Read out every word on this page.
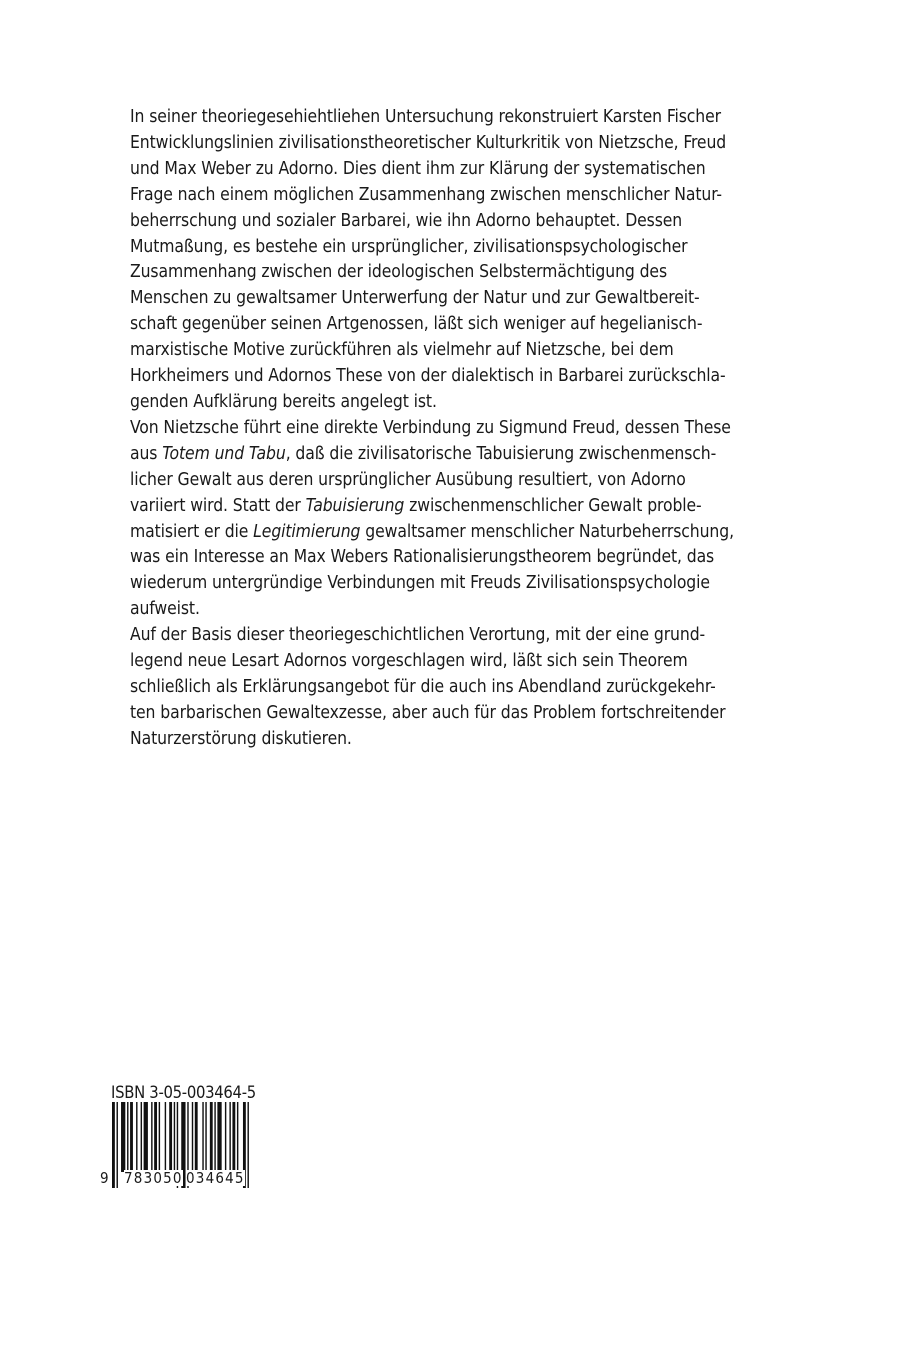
In seiner theoriegesehiehtliehen Untersuchung rekonstruiert Karsten Fischer
Entwicklungslinien zivilisationstheoretischer Kulturkritik von Nietzsche, Freud
und Max Weber zu Adorno. Dies dient ihm zur Klärung der systematischen
Frage nach einem möglichen Zusammenhang zwischen menschlicher Natur-
beherrschung und sozialer Barbarei, wie ihn Adorno behauptet. Dessen
Mutmaßung, es bestehe ein ursprünglicher, zivilisationspsychologischer
Zusammenhang zwischen der ideologischen Selbstermächtigung des
Menschen zu gewaltsamer Unterwerfung der Natur und zur Gewaltbereit-
schaft gegenüber seinen Artgenossen, läßt sich weniger auf hegelianisch-
marxistische Motive zurückführen als vielmehr auf Nietzsche, bei dem
Horkheimers und Adornos These von der dialektisch in Barbarei zurückschla-
genden Aufklärung bereits angelegt ist.
Von Nietzsche führt eine direkte Verbindung zu Sigmund Freud, dessen These
aus Totem und Tabu, daß die zivilisatorische Tabuisierung zwischenmensch-
licher Gewalt aus deren ursprünglicher Ausübung resultiert, von Adorno
variiert wird. Statt der Tabuisierung zwischenmenschlicher Gewalt proble-
matisiert er die Legitimierung gewaltsamer menschlicher Naturbeherrschung,
was ein Interesse an Max Webers Rationalisierungstheorem begründet, das
wiederum untergründige Verbindungen mit Freuds Zivilisationspsychologie
aufweist.
Auf der Basis dieser theoriegeschichtlichen Verortung, mit der eine grund-
legend neue Lesart Adornos vorgeschlagen wird, läßt sich sein Theorem
schließlich als Erklärungsangebot für die auch ins Abendland zurückgekehr-
ten barbarischen Gewaltexzesse, aber auch für das Problem fortschreitender
Naturzerstörung diskutieren.
ISBN 3-05-003464-5
9 783050 034645
